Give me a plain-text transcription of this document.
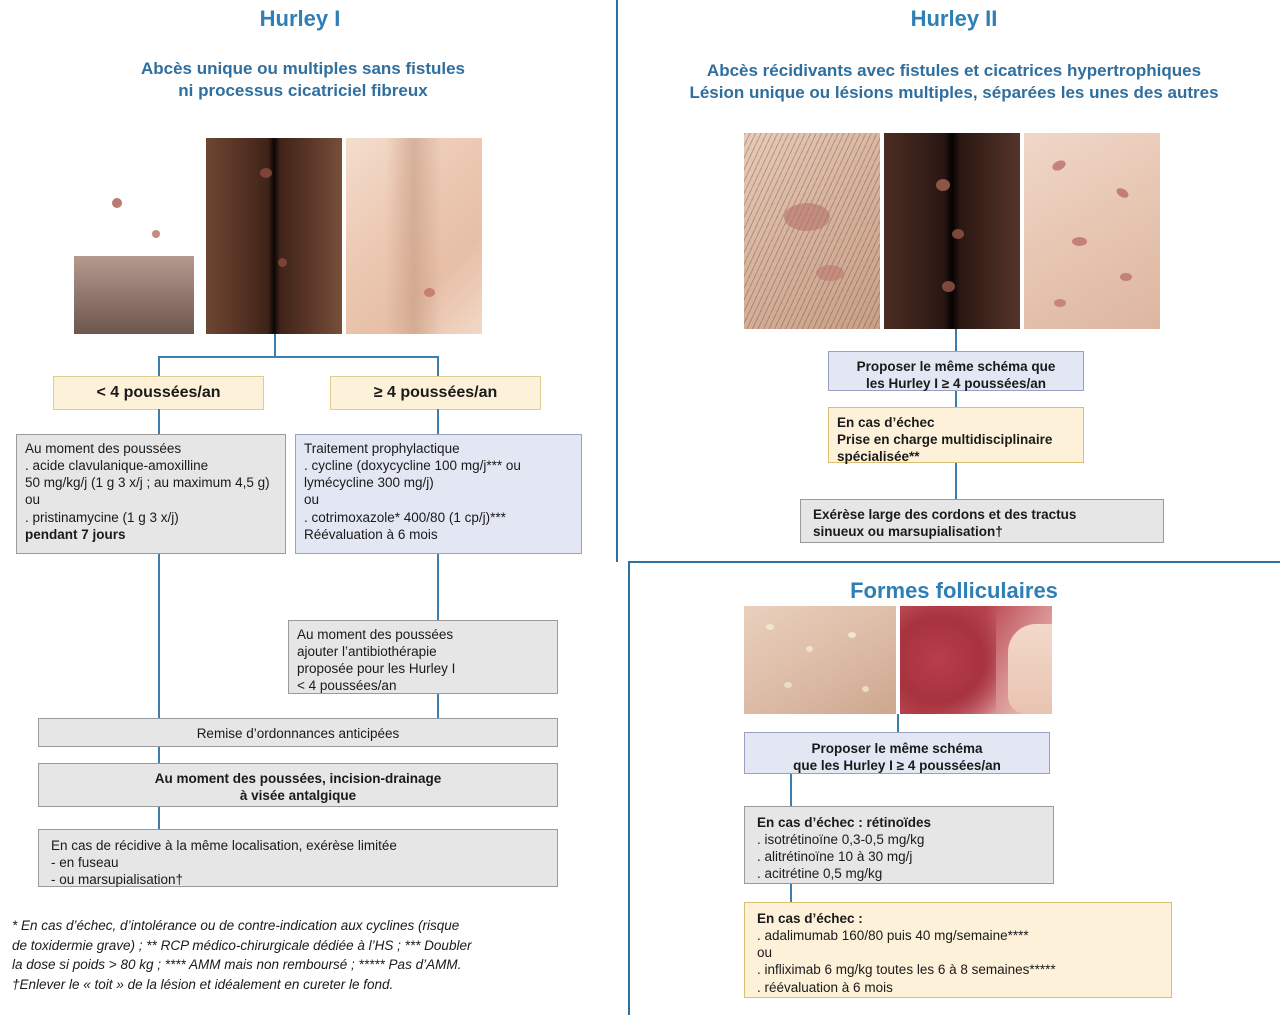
Hurley I
Abcès unique ou multiples sans fistules
ni processus cicatriciel fibreux
< 4 poussées/an	≥ 4 poussées/an
Au moment des poussées
. acide clavulanique-amoxilline
50 mg/kg/j (1 g 3 x/j ; au maximum 4,5 g)
ou
. pristinamycine (1 g 3 x/j)
pendant 7 jours
Traitement prophylactique
. cycline (doxycycline 100 mg/j*** ou
lymécycline 300 mg/j)
ou
. cotrimoxazole* 400/80 (1 cp/j)***
Réévaluation à 6 mois
Au moment des poussées
ajouter l’antibiothérapie
proposée pour les Hurley I
< 4 poussées/an
Remise d’ordonnances anticipées
Au moment des poussées, incision-drainage
à visée antalgique
En cas de récidive à la même localisation, exérèse limitée
- en fuseau
- ou marsupialisation†
* En cas d’échec, d’intolérance ou de contre-indication aux cyclines (risque
de toxidermie grave) ; ** RCP médico-chirurgicale dédiée à l’HS ; *** Doubler
la dose si poids > 80 kg ; **** AMM mais non remboursé ; ***** Pas d’AMM.
†Enlever le « toit » de la lésion et idéalement en cureter le fond.
Hurley II
Abcès récidivants avec fistules et cicatrices hypertrophiques
Lésion unique ou lésions multiples, séparées les unes des autres
Proposer le même schéma que
les Hurley I ≥ 4 poussées/an
En cas d’échec
Prise en charge multidisciplinaire
spécialisée**
Exérèse large des cordons et des tractus
sinueux ou marsupialisation†
Formes folliculaires
Proposer le même schéma
que les Hurley I ≥ 4 poussées/an
En cas d’échec : rétinoïdes
. isotrétinoïne 0,3-0,5 mg/kg
. alitrétinoïne 10 à 30 mg/j
. acitrétine 0,5 mg/kg
En cas d’échec :
. adalimumab 160/80 puis 40 mg/semaine****
ou
. infliximab 6 mg/kg toutes les 6 à 8 semaines*****
. réévaluation à 6 mois
